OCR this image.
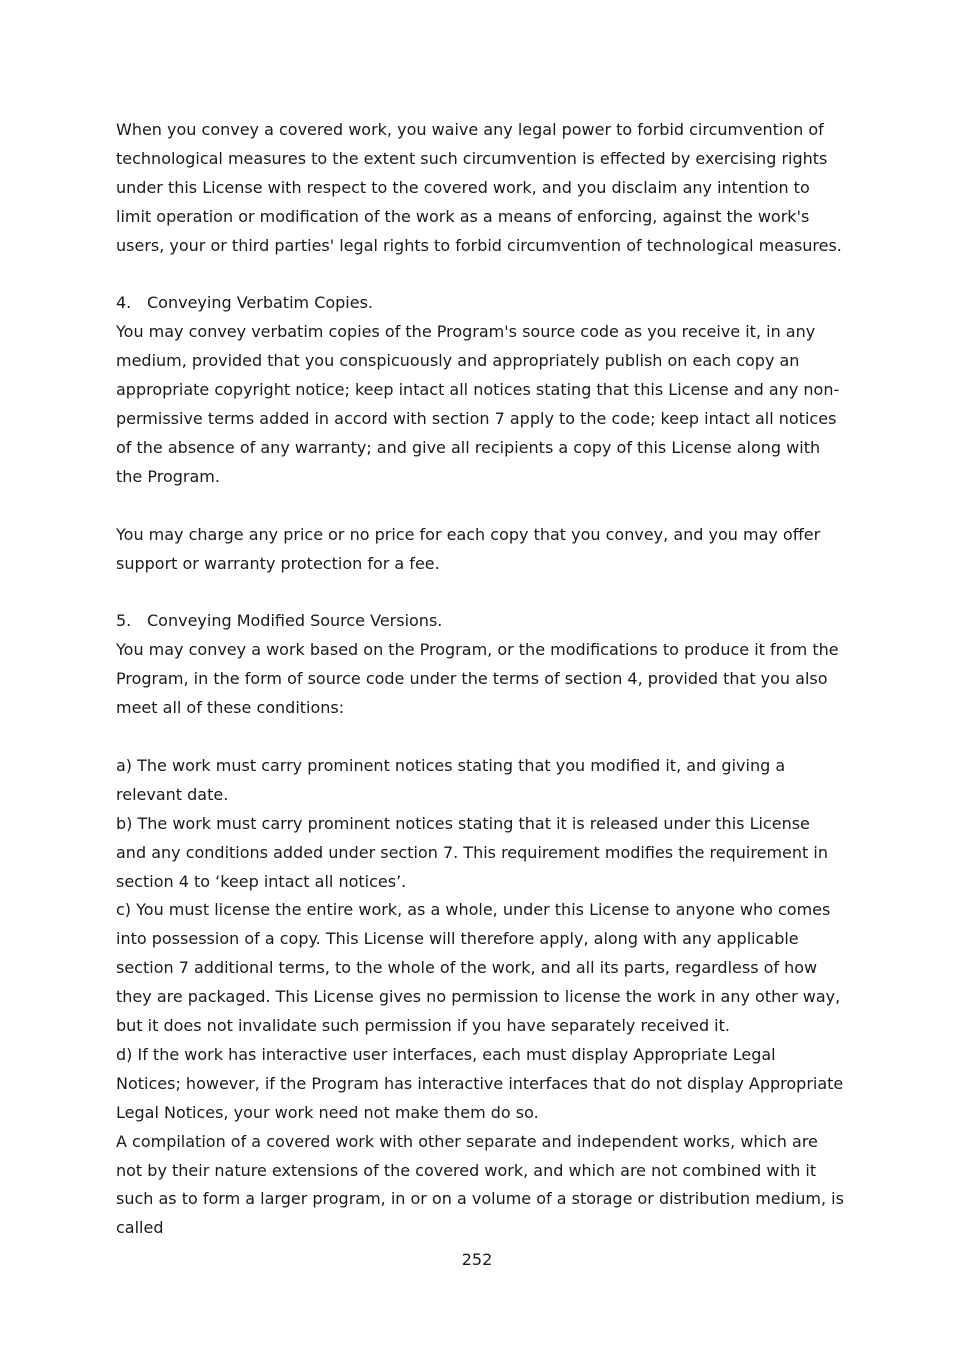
When you convey a covered work, you waive any legal power to forbid circumvention of technological measures to the extent such circumvention is effected by exercising rights under this License with respect to the covered work, and you disclaim any intention to limit operation or modification of the work as a means of enforcing, against the work's users, your or third parties' legal rights to forbid circumvention of technological measures.

4. Conveying Verbatim Copies.

You may convey verbatim copies of the Program's source code as you receive it, in any medium, provided that you conspicuously and appropriately publish on each copy an appropriate copyright notice; keep intact all notices stating that this License and any non-permissive terms added in accord with section 7 apply to the code; keep intact all notices of the absence of any warranty; and give all recipients a copy of this License along with the Program.

You may charge any price or no price for each copy that you convey, and you may offer support or warranty protection for a fee.

5. Conveying Modified Source Versions.

You may convey a work based on the Program, or the modifications to produce it from the Program, in the form of source code under the terms of section 4, provided that you also meet all of these conditions:

a) The work must carry prominent notices stating that you modified it, and giving a relevant date.

b) The work must carry prominent notices stating that it is released under this License and any conditions added under section 7. This requirement modifies the requirement in section 4 to ‘keep intact all notices’.

c) You must license the entire work, as a whole, under this License to anyone who comes into possession of a copy. This License will therefore apply, along with any applicable section 7 additional terms, to the whole of the work, and all its parts, regardless of how they are packaged. This License gives no permission to license the work in any other way, but it does not invalidate such permission if you have separately received it.

d) If the work has interactive user interfaces, each must display Appropriate Legal Notices; however, if the Program has interactive interfaces that do not display Appropriate Legal Notices, your work need not make them do so.

A compilation of a covered work with other separate and independent works, which are not by their nature extensions of the covered work, and which are not combined with it such as to form a larger program, in or on a volume of a storage or distribution medium, is called

252
